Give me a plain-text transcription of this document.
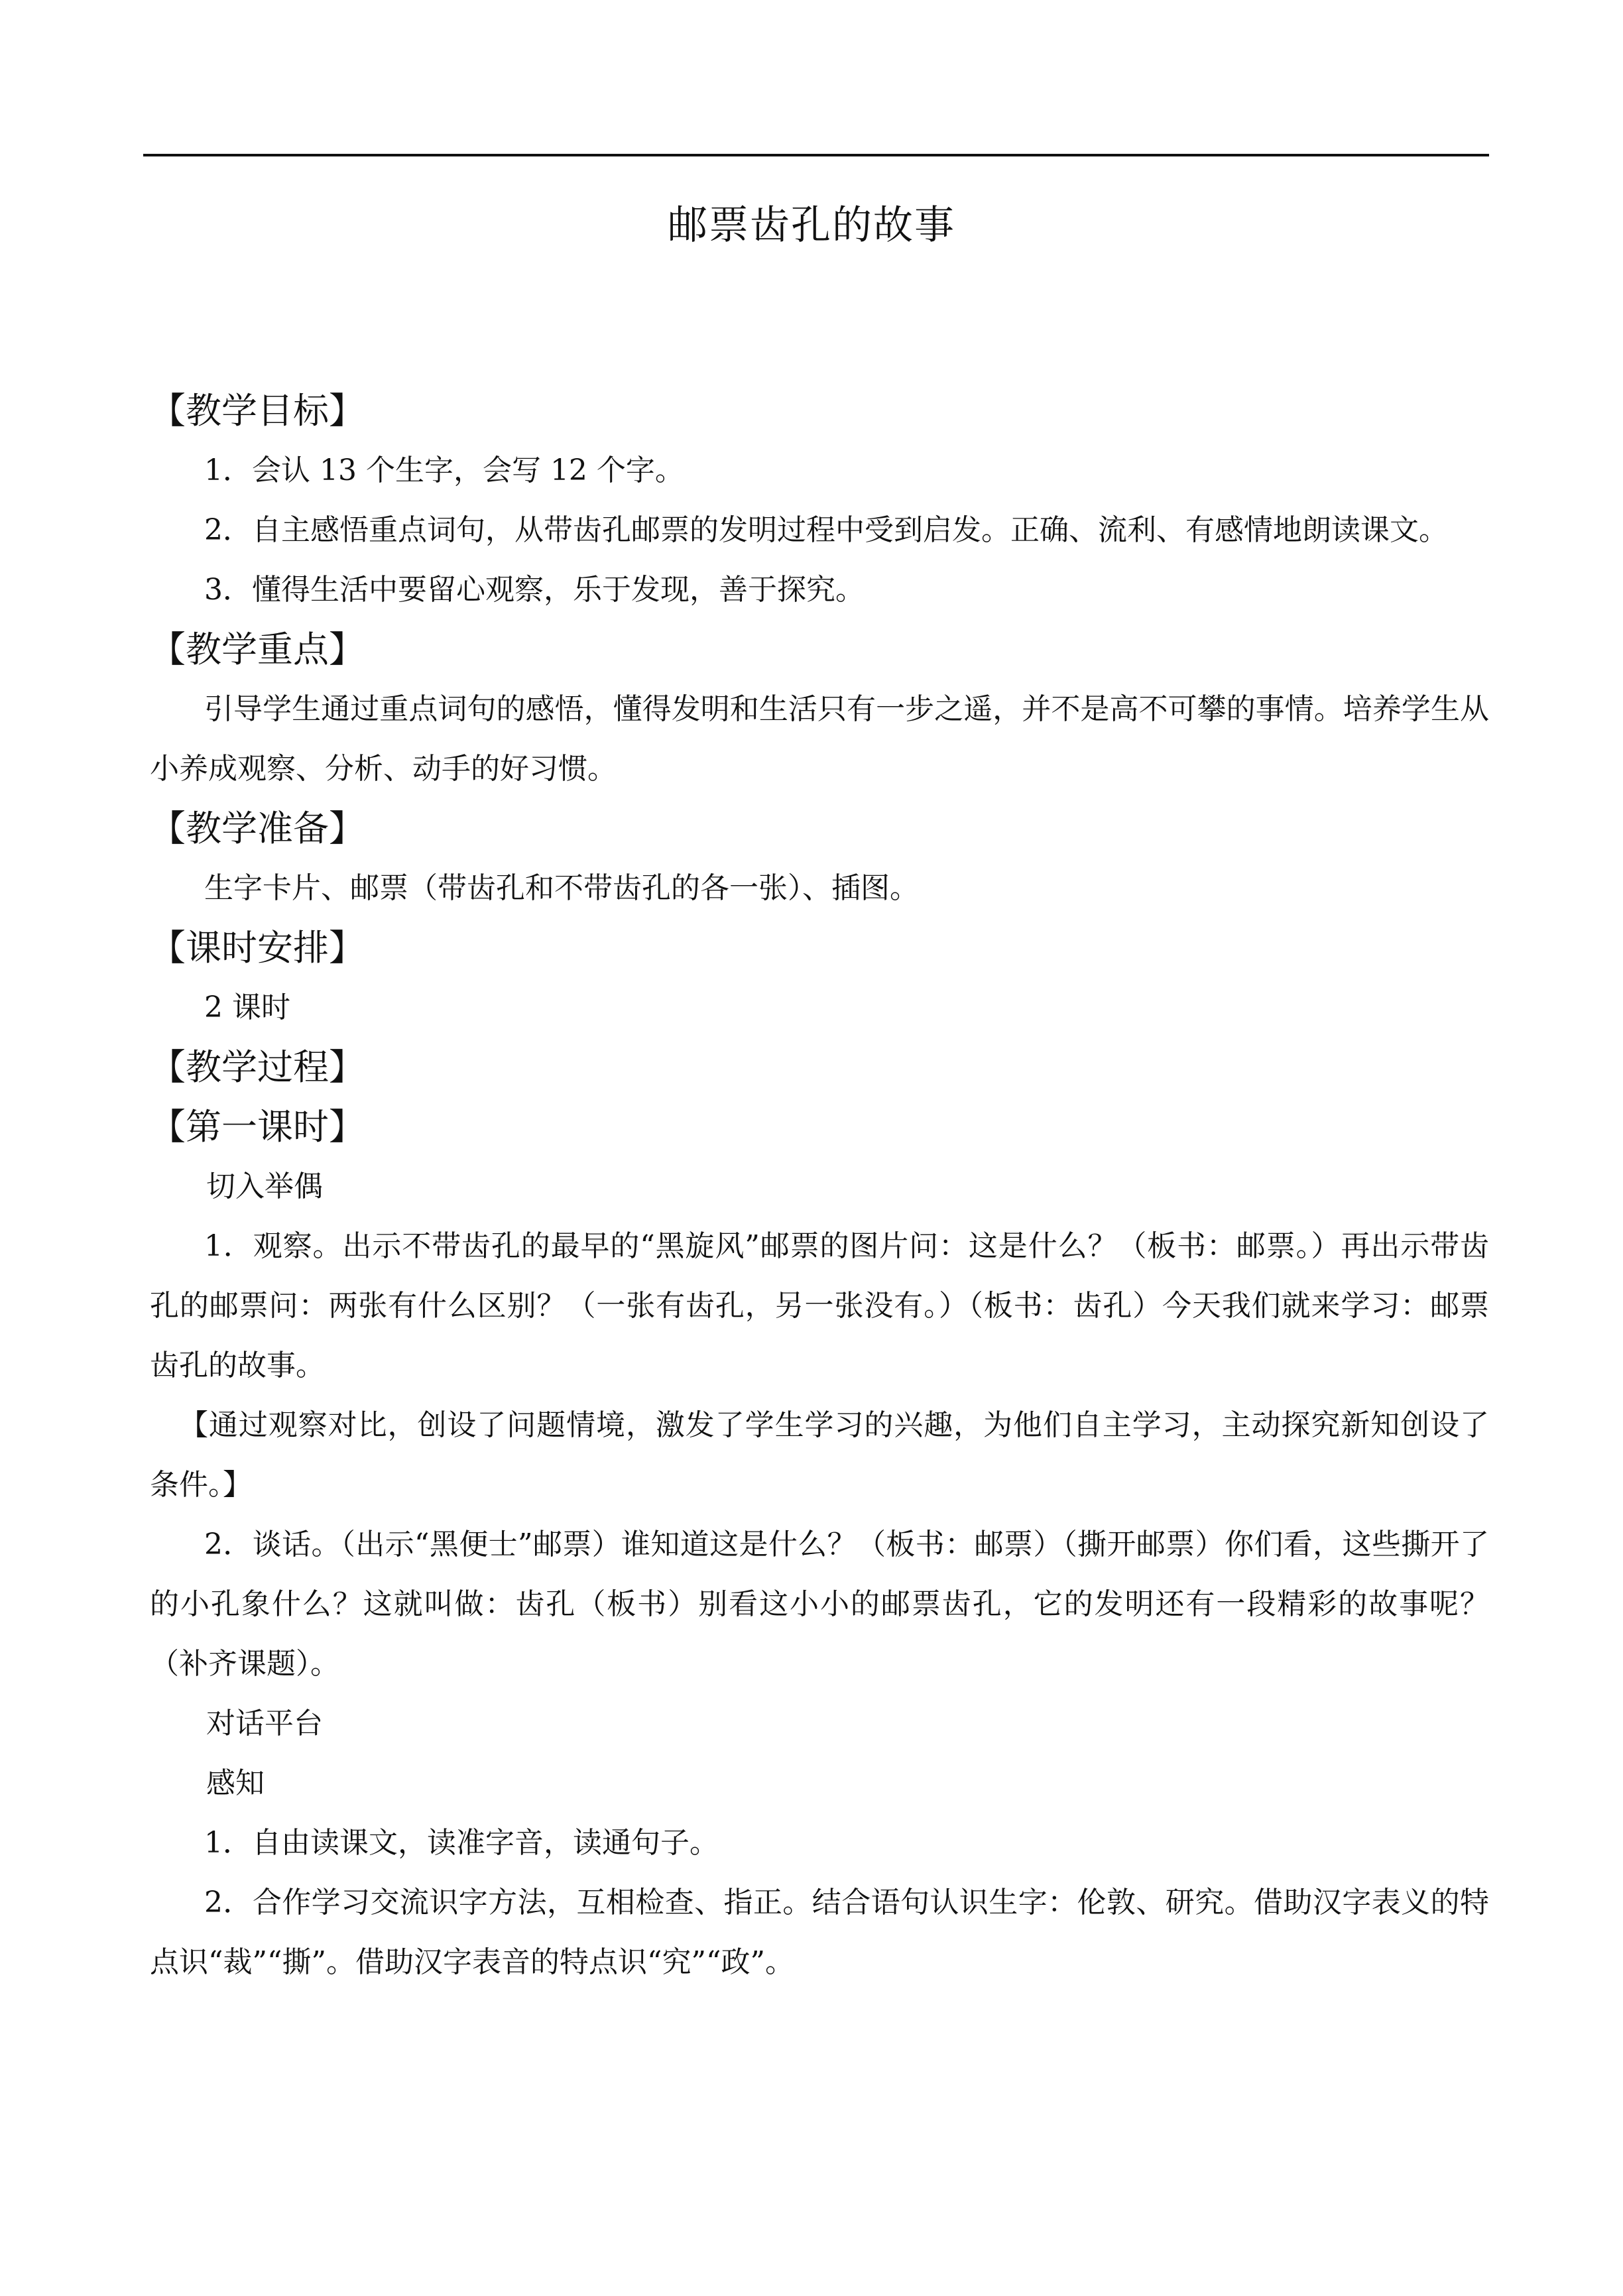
邮票齿孔的故事
【教学目标】

1．会认 13 个生字，会写 12 个字。

2．自主感悟重点词句，从带齿孔邮票的发明过程中受到启发。正确、流利、有感情地朗读课文。

3．懂得生活中要留心观察，乐于发现，善于探究。

【教学重点】

引导学生通过重点词句的感悟，懂得发明和生活只有一步之遥，并不是高不可攀的事情。培养学生从小养成观察、分析、动手的好习惯。

【教学准备】

生字卡片、邮票（带齿孔和不带齿孔的各一张）、插图。

【课时安排】

2 课时

【教学过程】
【第一课时】
切入举偶

1．观察。出示不带齿孔的最早的“黑旋风”邮票的图片问：这是什么？（板书：邮票。）再出示带齿孔的邮票问：两张有什么区别？（一张有齿孔，另一张没有。）（板书：齿孔）今天我们就来学习：邮票齿孔的故事。

【通过观察对比，创设了问题情境，激发了学生学习的兴趣，为他们自主学习，主动探究新知创设了条件。】

2．谈话。（出示“黑便士”邮票）谁知道这是什么？（板书：邮票）（撕开邮票）你们看，这些撕开了的小孔象什么？这就叫做：齿孔（板书）别看这小小的邮票齿孔，它的发明还有一段精彩的故事呢？（补齐课题）。

对话平台
感知

1．自由读课文，读准字音，读通句子。

2．合作学习交流识字方法，互相检查、指正。结合语句认识生字：伦敦、研究。借助汉字表义的特点识“裁”“撕”。借助汉字表音的特点识“究”“政”。
